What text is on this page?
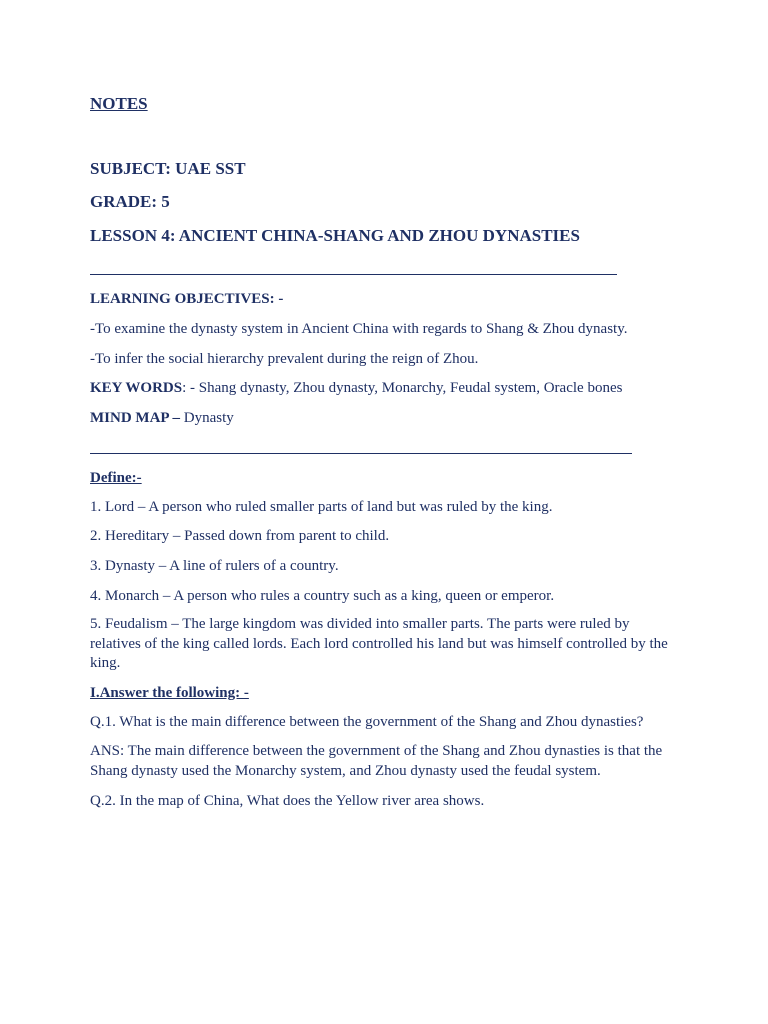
NOTES
SUBJECT: UAE SST
GRADE: 5
LESSON 4: ANCIENT CHINA-SHANG AND ZHOU DYNASTIES
LEARNING OBJECTIVES: -
-To examine the dynasty system in Ancient China with regards to Shang & Zhou dynasty.
-To infer the social hierarchy prevalent during the reign of Zhou.
KEY WORDS: - Shang dynasty, Zhou dynasty, Monarchy, Feudal system, Oracle bones
MIND MAP – Dynasty
Define:-
1. Lord – A person who ruled smaller parts of land but was ruled by the king.
2. Hereditary – Passed down from parent to child.
3. Dynasty – A line of rulers of a country.
4. Monarch – A person who rules a country such as a king, queen or emperor.
5. Feudalism – The large kingdom was divided into smaller parts. The parts were ruled by relatives of the king called lords. Each lord controlled his land but was himself controlled by the king.
I.Answer the following: -
Q.1. What is the main difference between the government of the Shang and Zhou dynasties?
ANS: The main difference between the government of the Shang and Zhou dynasties is that the Shang dynasty used the Monarchy system, and Zhou dynasty used the feudal system.
Q.2. In the map of China, What does the Yellow river area shows.
